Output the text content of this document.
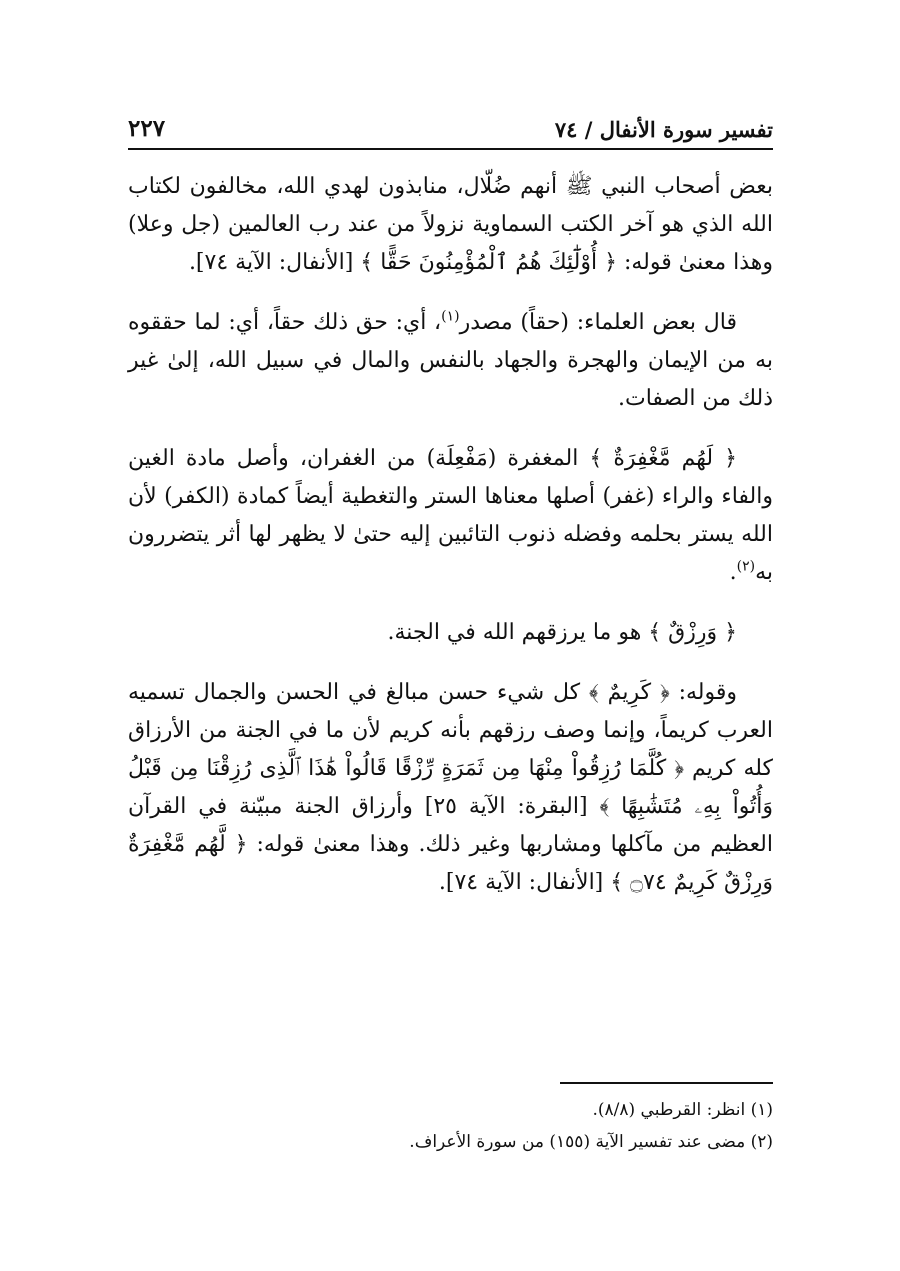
تفسير سورة الأنفال / ٧٤
٢٢٧

بعض أصحاب النبي ﷺ أنهم ضُلّال، منابذون لهدي الله، مخالفون لكتاب الله الذي هو آخر الكتب السماوية نزولاً من عند رب العالمين (جل وعلا) وهذا معنىٰ قوله: ﴿ أُوْلَٰٓئِكَ هُمُ ٱلْمُؤْمِنُونَ حَقًّا ﴾ [الأنفال: الآية ٧٤].

قال بعض العلماء: (حقاً) مصدر$^{(١)}$، أي: حق ذلك حقاً، أي: لما حققوه به من الإيمان والهجرة والجهاد بالنفس والمال في سبيل الله، إلىٰ غير ذلك من الصفات.

﴿ لَهُم مَّغْفِرَةٌ ﴾ المغفرة (مَفْعِلَة) من الغفران، وأصل مادة الغين والفاء والراء (غفر) أصلها معناها الستر والتغطية أيضاً كمادة (الكفر) لأن الله يستر بحلمه وفضله ذنوب التائبين إليه حتىٰ لا يظهر لها أثر يتضررون به$^{(٢)}$.

﴿ وَرِزْقٌ ﴾ هو ما يرزقهم الله في الجنة.

وقوله: ﴿ كَرِيمٌ ﴾ كل شيء حسن مبالغ في الحسن والجمال تسميه العرب كريماً، وإنما وصف رزقهم بأنه كريم لأن ما في الجنة من الأرزاق كله كريم ﴿ كُلَّمَا رُزِقُواْ مِنْهَا مِن ثَمَرَةٍ رِّزْقًا قَالُواْ هَٰذَا ٱلَّذِى رُزِقْنَا مِن قَبْلُ وَأُتُواْ بِهِۦ مُتَشَٰبِهًا ﴾ [البقرة: الآية ٢٥] وأرزاق الجنة مبيّنة في القرآن العظيم من مآكلها ومشاربها وغير ذلك. وهذا معنىٰ قوله: ﴿ لَّهُم مَّغْفِرَةٌ وَرِزْقٌ كَرِيمٌ ۝٧٤ ﴾ [الأنفال: الآية ٧٤].

(١) انظر: القرطبي (٨/٨).

(٢) مضى عند تفسير الآية (١٥٥) من سورة الأعراف.
